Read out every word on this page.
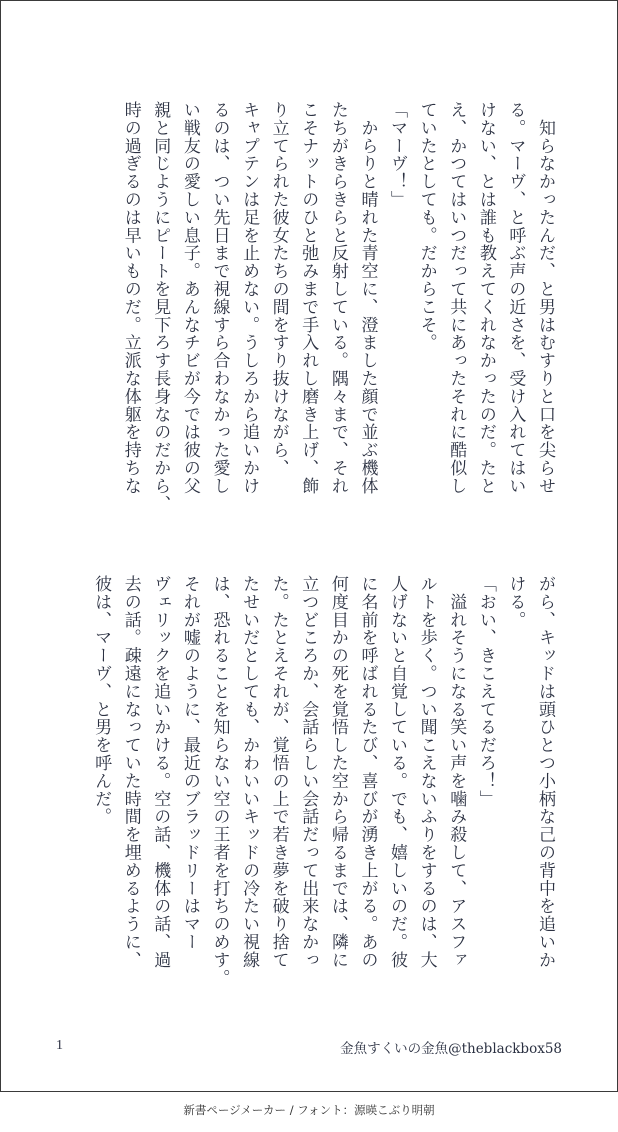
　知らなかったんだ、と男はむすりと口を尖らせ
る。マーヴ、と呼ぶ声の近さを、受け入れてはい
けない、とは誰も教えてくれなかったのだ。たと
え、かつてはいつだって共にあったそれに酷似し
ていたとしても。だからこそ。
「マーヴ！」
　からりと晴れた青空に、澄ました顔で並ぶ機体
たちがきらきらと反射している。隅々まで、それ
こそナットのひと弛みまで手入れし磨き上げ、飾
り立てられた彼女たちの間をすり抜けながら、
キャプテンは足を止めない。うしろから追いかけ
るのは、つい先日まで視線すら合わなかった愛し
い戦友の愛しい息子。あんなチビが今では彼の父
親と同じようにピートを見下ろす長身なのだから、
時の過ぎるのは早いものだ。立派な体躯を持ちな
がら、キッドは頭ひとつ小柄な己の背中を追いか
ける。
「おい、きこえてるだろ！」
　溢れそうになる笑い声を噛み殺して、アスファ
ルトを歩く。つい聞こえないふりをするのは、大
人げないと自覚している。でも、嬉しいのだ。彼
に名前を呼ばれるたび、喜びが湧き上がる。あの
何度目かの死を覚悟した空から帰るまでは、隣に
立つどころか、会話らしい会話だって出来なかっ
た。たとえそれが、覚悟の上で若き夢を破り捨て
たせいだとしても、かわいいキッドの冷たい視線
は、恐れることを知らない空の王者を打ちのめす。
それが嘘のように、最近のブラッドリーはマー
ヴェリックを追いかける。空の話、機体の話、過
去の話。疎遠になっていた時間を埋めるように、
彼は、マーヴ、と男を呼んだ。
1	金魚すくいの金魚@theblackbox58
新書ページメーカー / フォント：源暎こぶり明朝
